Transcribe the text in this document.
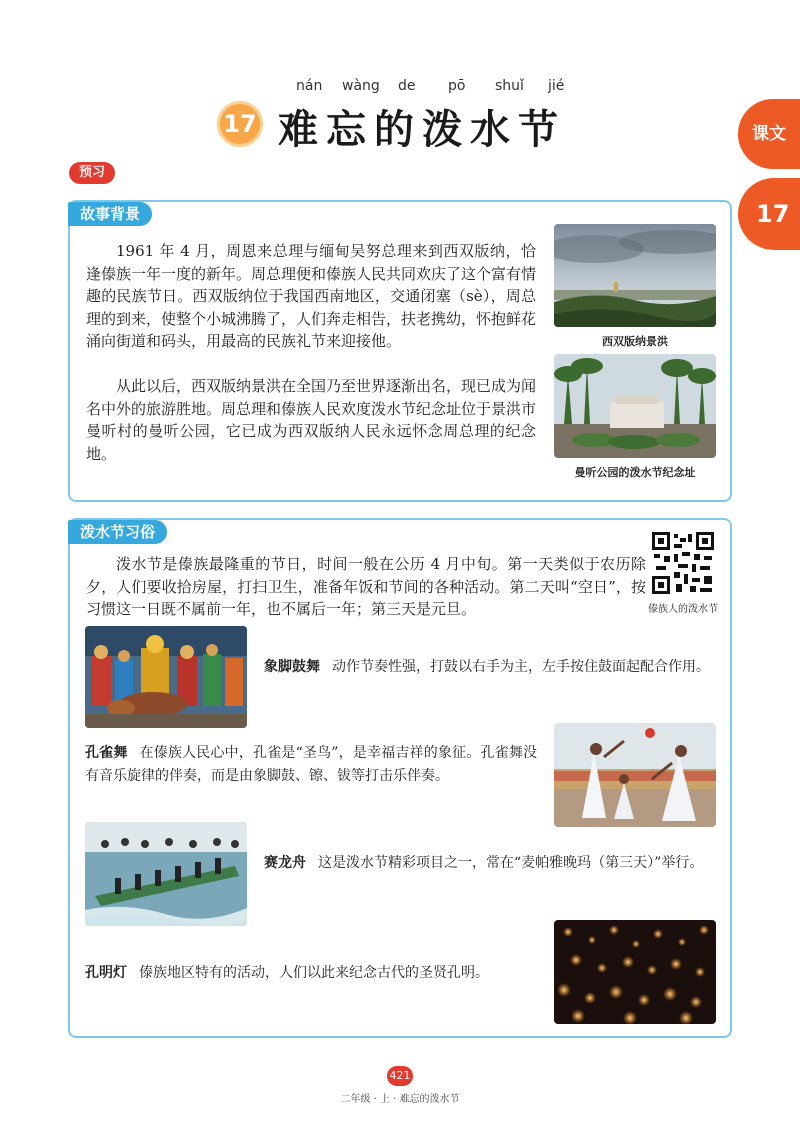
nán wàng de pō shuǐ jié
17 难忘的泼水节	课文
17
预习
故事背景

1961 年 4 月，周恩来总理与缅甸吴努总理来到西双版纳，恰逢傣族一年一度的新年。周总理便和傣族人民共同欢庆了这个富有情趣的民族节日。西双版纳位于我国西南地区，交通闭塞（sè），周总理的到来，使整个小城沸腾了，人们奔走相告，扶老携幼，怀抱鲜花涌向街道和码头，用最高的民族礼节来迎接他。

从此以后，西双版纳景洪在全国乃至世界逐渐出名，现已成为闻名中外的旅游胜地。周总理和傣族人民欢度泼水节纪念址位于景洪市曼听村的曼听公园，它已成为西双版纳人民永远怀念周总理的纪念地。

西双版纳景洪
曼听公园的泼水节纪念址
泼水节习俗

泼水节是傣族最隆重的节日，时间一般在公历 4 月中旬。第一天类似于农历除夕，人们要收拾房屋，打扫卫生，准备年饭和节间的各种活动。第二天叫“空日”，按习惯这一日既不属前一年，也不属后一年；第三天是元旦。	傣族人的泼水节

象脚鼓舞 动作节奏性强，打鼓以右手为主，左手按住鼓面起配合作用。

孔雀舞 在傣族人民心中，孔雀是“圣鸟”，是幸福吉祥的象征。孔雀舞没有音乐旋律的伴奏，而是由象脚鼓、镲、钹等打击乐伴奏。

赛龙舟 这是泼水节精彩项目之一，常在“麦帕雅晚玛（第三天）”举行。

孔明灯 傣族地区特有的活动，人们以此来纪念古代的圣贤孔明。

421
二年级 · 上 · 难忘的泼水节
